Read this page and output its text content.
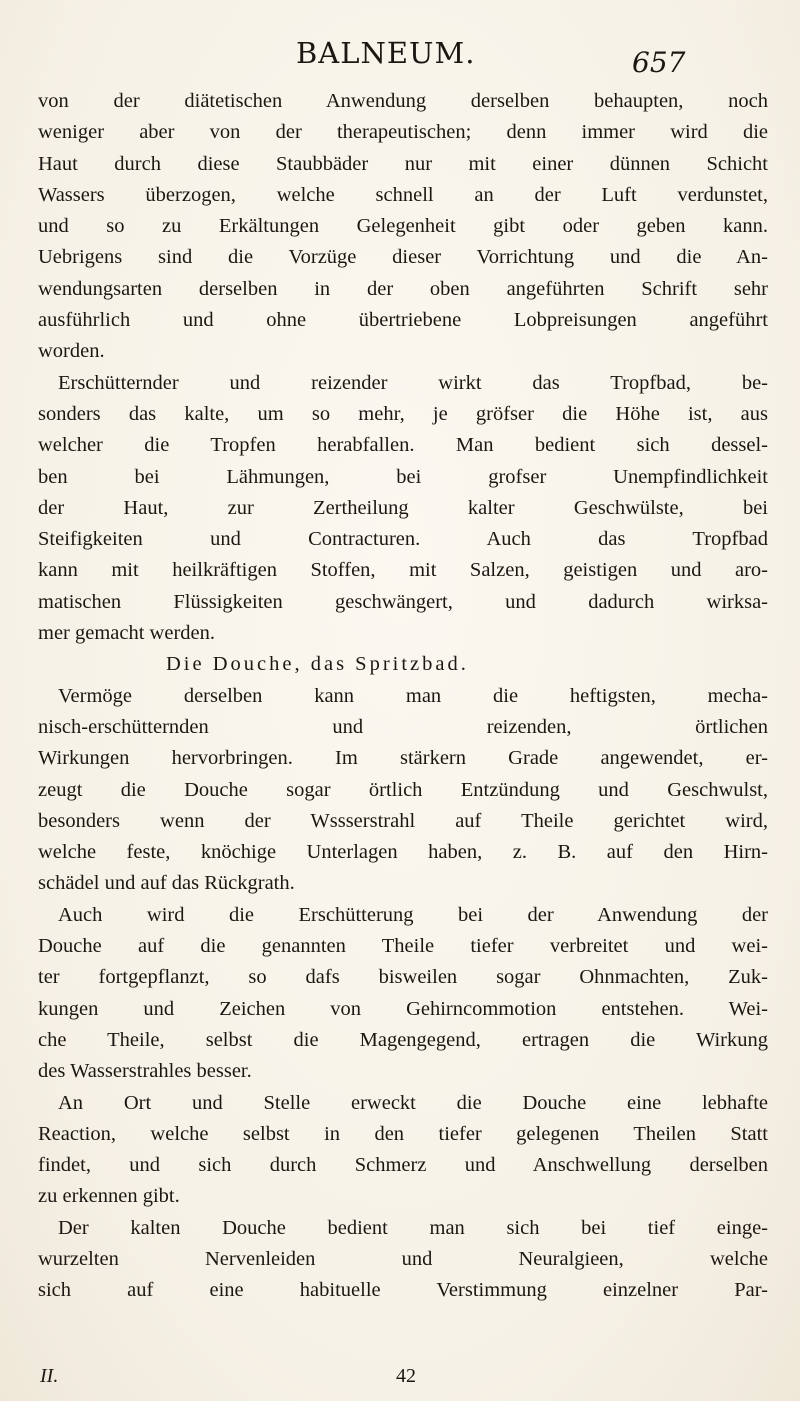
BALNEUM.	657
von der diätetischen Anwendung derselben behaupten, noch
weniger aber von der therapeutischen; denn immer wird die
Haut durch diese Staubbäder nur mit einer dünnen Schicht
Wassers überzogen, welche schnell an der Luft verdunstet,
und so zu Erkältungen Gelegenheit gibt oder geben kann.
Uebrigens sind die Vorzüge dieser Vorrichtung und die An-
wendungsarten derselben in der oben angeführten Schrift sehr
ausführlich und ohne übertriebene Lobpreisungen angeführt
worden.
Erschütternder und reizender wirkt das Tropfbad, be-
sonders das kalte, um so mehr, je gröfser die Höhe ist, aus
welcher die Tropfen herabfallen. Man bedient sich dessel-
ben bei Lähmungen, bei grofser Unempfindlichkeit
der Haut, zur Zertheilung kalter Geschwülste, bei
Steifigkeiten und Contracturen. Auch das Tropfbad
kann mit heilkräftigen Stoffen, mit Salzen, geistigen und aro-
matischen Flüssigkeiten geschwängert, und dadurch wirksa-
mer gemacht werden.
Die Douche, das Spritzbad.
Vermöge derselben kann man die heftigsten, mecha-
nisch-erschütternden und reizenden, örtlichen
Wirkungen hervorbringen. Im stärkern Grade angewendet, er-
zeugt die Douche sogar örtlich Entzündung und Geschwulst,
besonders wenn der Wssserstrahl auf Theile gerichtet wird,
welche feste, knöchige Unterlagen haben, z. B. auf den Hirn-
schädel und auf das Rückgrath.
Auch wird die Erschütterung bei der Anwendung der
Douche auf die genannten Theile tiefer verbreitet und wei-
ter fortgepflanzt, so dafs bisweilen sogar Ohnmachten, Zuk-
kungen und Zeichen von Gehirncommotion entstehen. Wei-
che Theile, selbst die Magengegend, ertragen die Wirkung
des Wasserstrahles besser.
An Ort und Stelle erweckt die Douche eine lebhafte
Reaction, welche selbst in den tiefer gelegenen Theilen Statt
findet, und sich durch Schmerz und Anschwellung derselben
zu erkennen gibt.
Der kalten Douche bedient man sich bei tief einge-
wurzelten Nervenleiden und Neuralgieen, welche
sich auf eine habituelle Verstimmung einzelner Par-
II.	42
